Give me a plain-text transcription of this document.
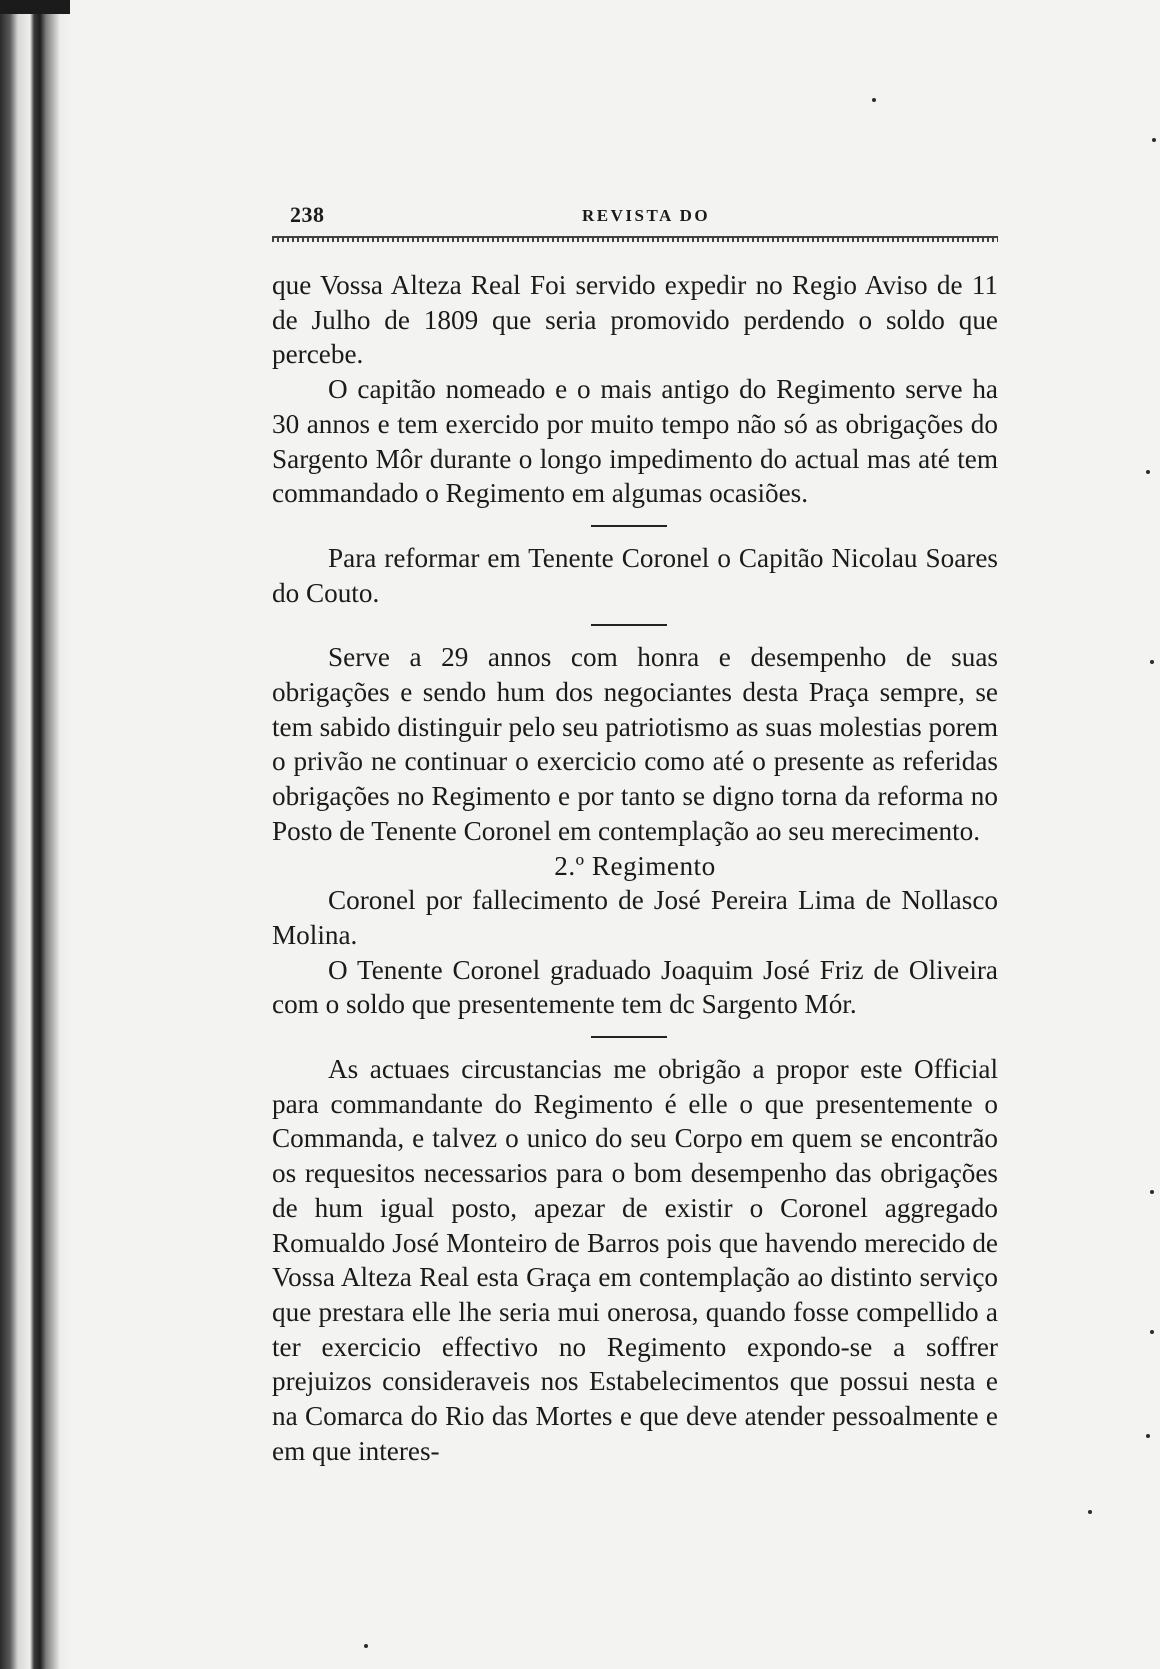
238	REVISTA DO

que Vossa Alteza Real Foi servido expedir no Regio Aviso de 11 de Julho de 1809 que seria promovido perdendo o soldo que percebe.

O capitão nomeado e o mais antigo do Regimento serve ha 30 annos e tem exercido por muito tempo não só as obrigações do Sargento Môr durante o longo impedimento do actual mas até tem commandado o Regimento em algumas ocasiões.

Para reformar em Tenente Coronel o Capitão Nicolau Soares do Couto.

Serve a 29 annos com honra e desempenho de suas obrigações e sendo hum dos negociantes desta Praça sempre, se tem sabido distinguir pelo seu patriotismo as suas molestias porem o privão ne continuar o exercicio como até o presente as referidas obrigações no Regimento e por tanto se digno torna da reforma no Posto de Tenente Coronel em contemplação ao seu merecimento.

2.º Regimento

Coronel por fallecimento de José Pereira Lima de Nollasco Molina.

O Tenente Coronel graduado Joaquim José Friz de Oliveira com o soldo que presentemente tem dc Sargento Mór.

As actuaes circustancias me obrigão a propor este Official para commandante do Regimento é elle o que presentemente o Commanda, e talvez o unico do seu Corpo em quem se encontrão os requesitos necessarios para o bom desempenho das obrigações de hum igual posto, apezar de existir o Coronel aggregado Romualdo José Monteiro de Barros pois que havendo merecido de Vossa Alteza Real esta Graça em contemplação ao distinto serviço que prestara elle lhe seria mui onerosa, quando fosse compellido a ter exercicio effectivo no Regimento expondo-se a soffrer prejuizos consideraveis nos Estabelecimentos que possui nesta e na Comarca do Rio das Mortes e que deve atender pessoalmente e em que interes-
